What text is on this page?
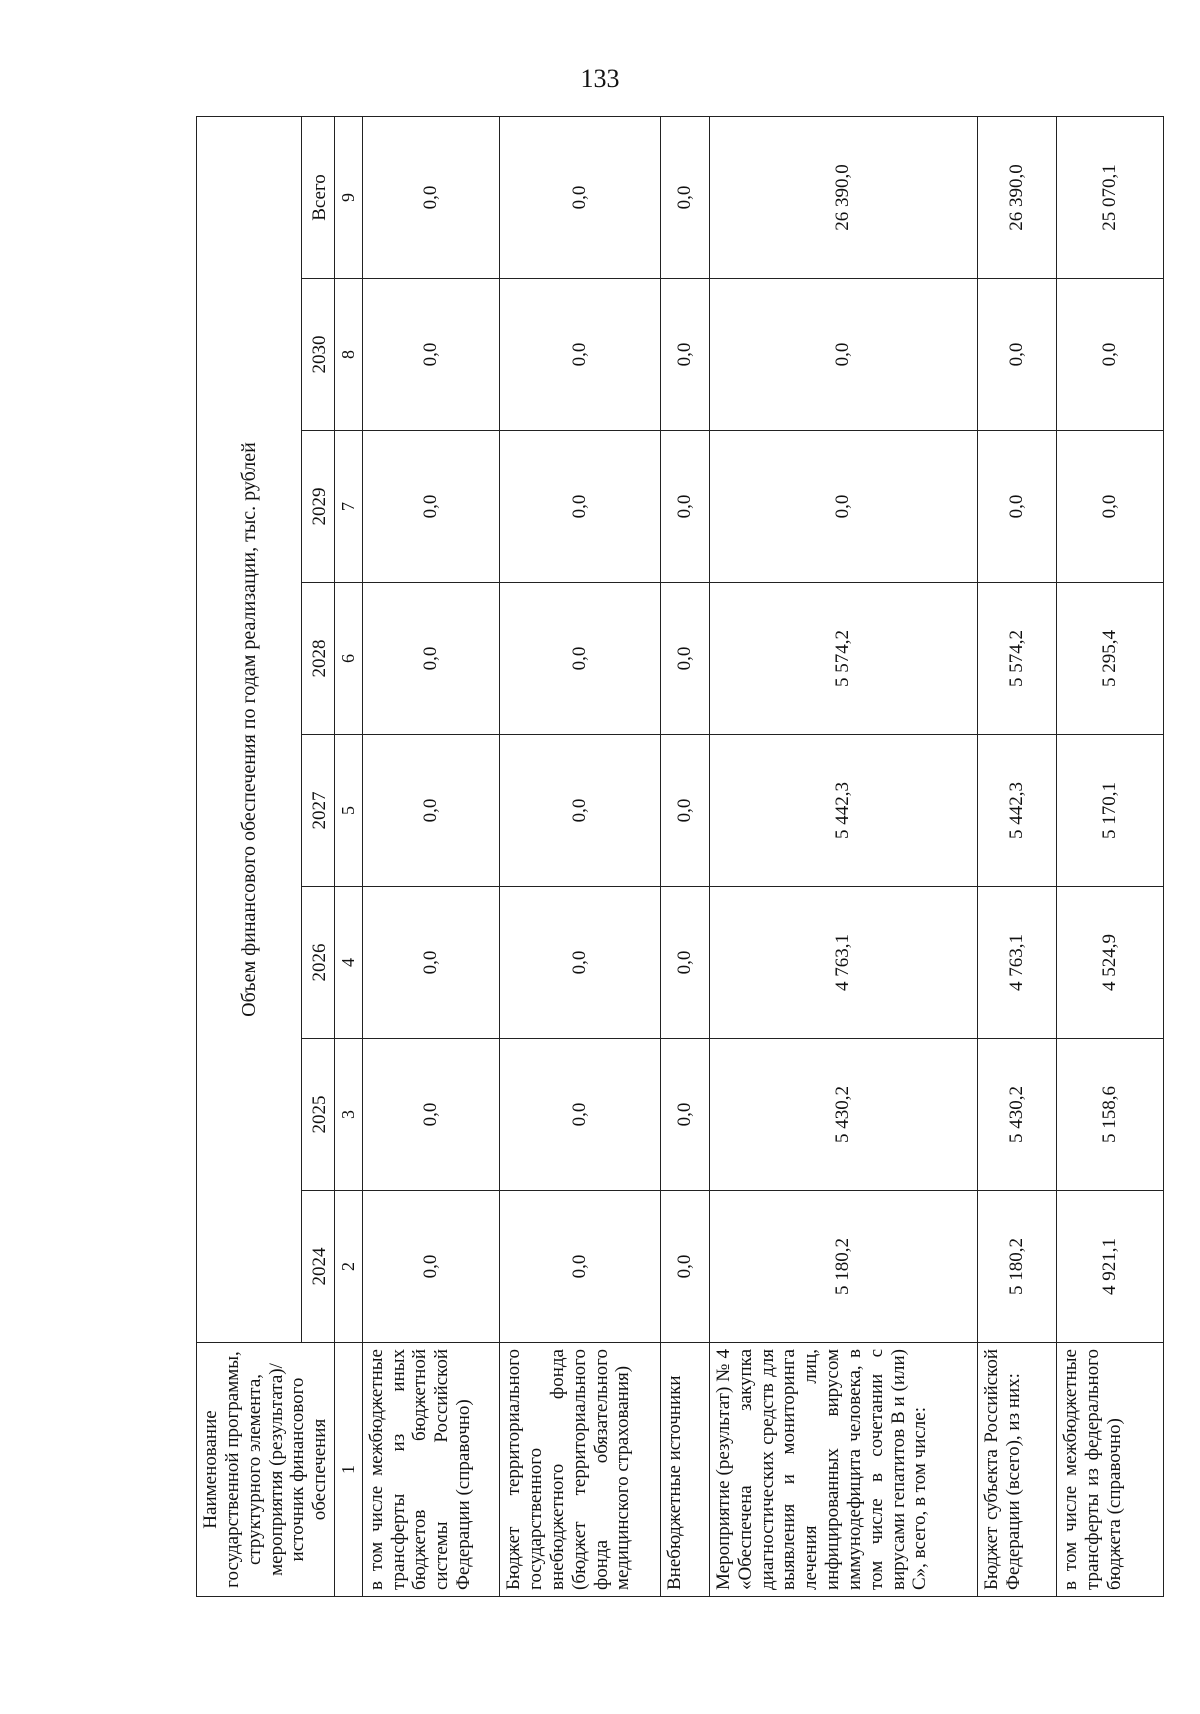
133
Наименование государственной программы, структурного элемента, мероприятия (результата)/источник финансового обеспечения	Объем финансового обеспечения по годам реализации, тыс. рублей							
	2024	2025	2026	2027	2028	2029	2030	Всего
1	2	3	4	5	6	7	8	9
в том числе межбюджетные трансферты из иных бюджетов бюджетной системы Российской Федерации (справочно)	0,0	0,0	0,0	0,0	0,0	0,0	0,0	0,0
Бюджет территориального государственного внебюджетного фонда (бюджет территориального фонда обязательного медицинского страхования)	0,0	0,0	0,0	0,0	0,0	0,0	0,0	0,0
Внебюджетные источники	0,0	0,0	0,0	0,0	0,0	0,0	0,0	0,0
Мероприятие (результат) № 4 «Обеспечена закупка диагностических средств для выявления и мониторинга лечения лиц, инфицированных вирусом иммунодефицита человека, в том числе в сочетании с вирусами гепатитов B и (или) C», всего, в том числе:	5 180,2	5 430,2	4 763,1	5 442,3	5 574,2	0,0	0,0	26 390,0
Бюджет субъекта Российской Федерации (всего), из них:	5 180,2	5 430,2	4 763,1	5 442,3	5 574,2	0,0	0,0	26 390,0
в том числе межбюджетные трансферты из федерального бюджета (справочно)	4 921,1	5 158,6	4 524,9	5 170,1	5 295,4	0,0	0,0	25 070,1
